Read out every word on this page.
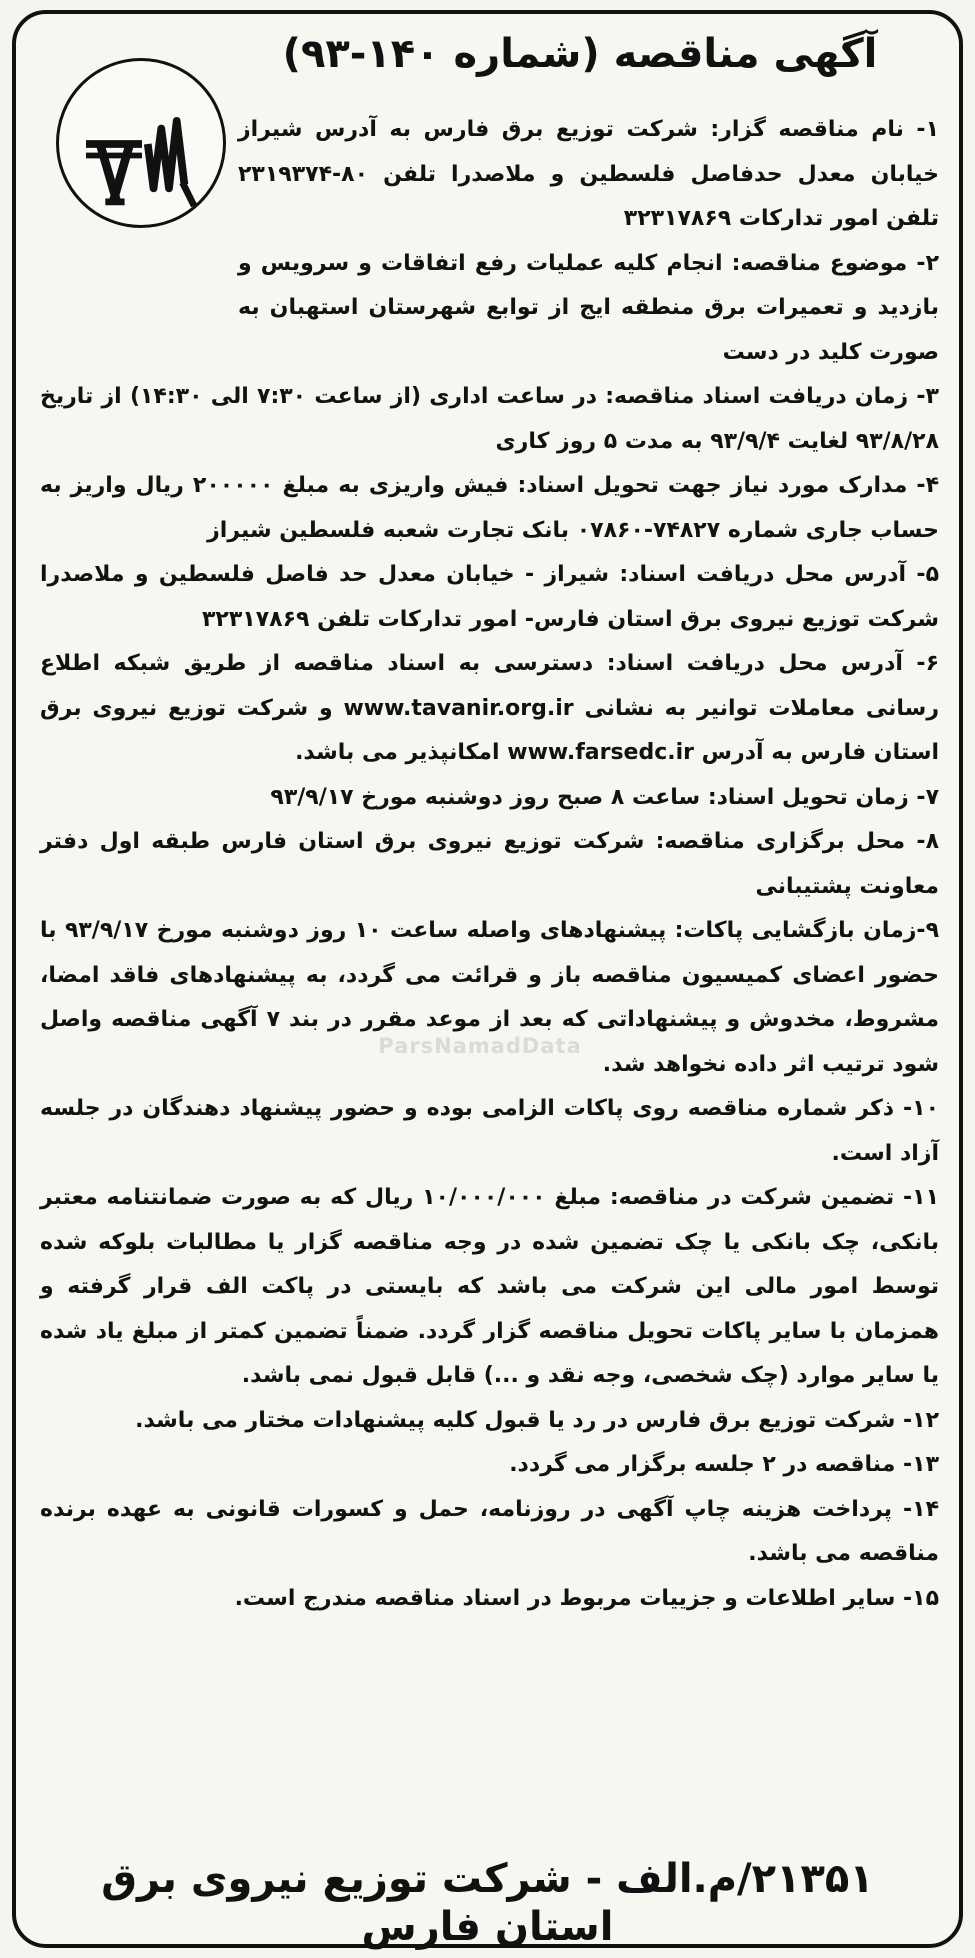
آگهی مناقصه (شماره ۱۴۰-۹۳)
ParsNamadData

۱- نام مناقصه گزار: شرکت توزیع برق فارس به آدرس شیراز خیابان معدل حدفاصل فلسطین و ملاصدرا تلفن ۸۰-۲۳۱۹۳۷۴ تلفن امور تدارکات ۳۲۳۱۷۸۶۹

۲- موضوع مناقصه: انجام کلیه عملیات رفع اتفاقات و سرویس و بازدید و تعمیرات برق منطقه ایج از توابع شهرستان استهبان به صورت کلید در دست

۳- زمان دریافت اسناد مناقصه: در ساعت اداری (از ساعت ۷:۳۰ الی ۱۴:۳۰) از تاریخ ۹۳/۸/۲۸ لغایت ۹۳/۹/۴ به مدت ۵ روز کاری

۴- مدارک مورد نیاز جهت تحویل اسناد: فیش واریزی به مبلغ ۲۰۰۰۰۰ ریال واریز به حساب جاری شماره ۷۴۸۲۷-۰۷۸۶۰ بانک تجارت شعبه فلسطین شیراز

۵- آدرس محل دریافت اسناد: شیراز - خیابان معدل حد فاصل فلسطین و ملاصدرا شرکت توزیع نیروی برق استان فارس- امور تدارکات تلفن ۳۲۳۱۷۸۶۹

۶- آدرس محل دریافت اسناد: دسترسی به اسناد مناقصه از طریق شبکه اطلاع رسانی معاملات توانیر به نشانی www.tavanir.org.ir و شرکت توزیع نیروی برق استان فارس به آدرس www.farsedc.ir امکانپذیر می باشد.

۷- زمان تحویل اسناد: ساعت ۸ صبح روز دوشنبه مورخ ۹۳/۹/۱۷

۸- محل برگزاری مناقصه: شرکت توزیع نیروی برق استان فارس طبقه اول دفتر معاونت پشتیبانی

۹-زمان بازگشایی پاکات: پیشنهادهای واصله ساعت ۱۰ روز دوشنبه مورخ ۹۳/۹/۱۷ با حضور اعضای کمیسیون مناقصه باز و قرائت می گردد، به پیشنهادهای فاقد امضا، مشروط، مخدوش و پیشنهاداتی که بعد از موعد مقرر در بند ۷ آگهی مناقصه واصل شود ترتیب اثر داده نخواهد شد.

۱۰- ذکر شماره مناقصه روی پاکات الزامی بوده و حضور پیشنهاد دهندگان در جلسه آزاد است.

۱۱- تضمین شرکت در مناقصه: مبلغ ۱۰/۰۰۰/۰۰۰ ریال که به صورت ضمانتنامه معتبر بانکی، چک بانکی یا چک تضمین شده در وجه مناقصه گزار یا مطالبات بلوکه شده توسط امور مالی این شرکت می باشد که بایستی در پاکت الف قرار گرفته و همزمان با سایر پاکات تحویل مناقصه گزار گردد. ضمناً تضمین کمتر از مبلغ یاد شده یا سایر موارد (چک شخصی، وجه نقد و ...) قابل قبول نمی باشد.

۱۲- شرکت توزیع برق فارس در رد یا قبول کلیه پیشنهادات مختار می باشد.

۱۳- مناقصه در ۲ جلسه برگزار می گردد.

۱۴- پرداخت هزینه چاپ آگهی در روزنامه، حمل و کسورات قانونی به عهده برنده مناقصه می باشد.

۱۵- سایر اطلاعات و جزییات مربوط در اسناد مناقصه مندرج است.

۲۱۳۵۱/م.الف - شرکت توزیع نیروی برق استان فارس
